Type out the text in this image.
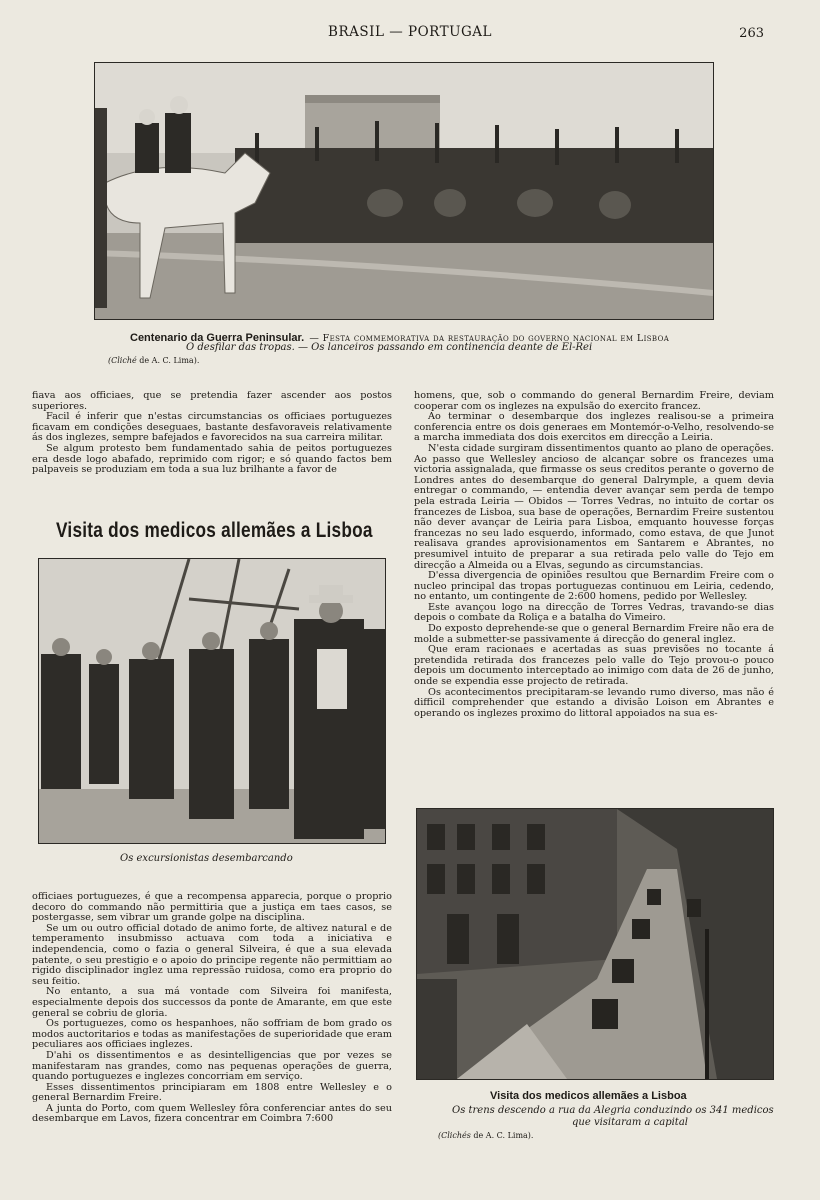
BRASIL — PORTUGAL	263
Centenario da Guerra Peninsular. — Festa commemorativa da restauração do governo nacional em Lisboa
O desfilar das tropas. — Os lanceiros passando em continencia deante de El-Rei
(Cliché de A. C. Lima).

fiava aos officiaes, que se pretendia fazer ascender aos postos superiores.

Facil é inferir que n'estas circumstancias os officiaes portuguezes ficavam em condições deseguaes, bastante desfavoraveis relativamente ás dos inglezes, sempre bafejados e favorecidos na sua carreira militar.

Se algum protesto bem fundamentado sahia de peitos portuguezes era desde logo abafado, reprimido com rigor; e só quando factos bem palpaveis se produziam em toda a sua luz brilhante a favor de

Visita dos medicos allemães a Lisboa
Os excursionistas desembarcando

officiaes portuguezes, é que a recompensa apparecia, porque o proprio decoro do commando não permittiria que a justiça em taes casos, se postergasse, sem vibrar um grande golpe na disciplina.

Se um ou outro official dotado de animo forte, de altivez natural e de temperamento insubmisso actuava com toda a iniciativa e independencia, como o fazia o general Silveira, é que a sua elevada patente, o seu prestigio e o apoio do principe regente não permittiam ao rigido disciplinador inglez uma repressão ruidosa, como era proprio do seu feitio.

No entanto, a sua má vontade com Silveira foi manifesta, especialmente depois dos successos da ponte de Amarante, em que este general se cobriu de gloria.

Os portuguezes, como os hespanhoes, não soffriam de bom grado os modos auctoritarios e todas as manifestações de superioridade que eram peculiares aos officiaes inglezes.

D'ahi os dissentimentos e as desintelligencias que por vezes se manifestaram nas grandes, como nas pequenas operações de guerra, quando portuguezes e inglezes concorriam em serviço.

Esses dissentimentos principiaram em 1808 entre Wellesley e o general Bernardim Freire.

A junta do Porto, com quem Wellesley fôra conferenciar antes do seu desembarque em Lavos, fizera concentrar em Coimbra 7:600

homens, que, sob o commando do general Bernardim Freire, deviam cooperar com os inglezes na expulsão do exercito francez.

Ao terminar o desembarque dos inglezes realisou-se a primeira conferencia entre os dois generaes em Montemór-o-Velho, resolvendo-se a marcha immediata dos dois exercitos em direcção a Leiria.

N'esta cidade surgiram dissentimentos quanto ao plano de operações. Ao passo que Wellesley ancioso de alcançar sobre os francezes uma victoria assignalada, que firmasse os seus creditos perante o governo de Londres antes do desembarque do general Dalrymple, a quem devia entregar o commando, — entendia dever avançar sem perda de tempo pela estrada Leiria — Obidos — Torres Vedras, no intuito de cortar os francezes de Lisboa, sua base de operações, Bernardim Freire sustentou não dever avançar de Leiria para Lisboa, emquanto houvesse forças francezas no seu lado esquerdo, informado, como estava, de que Junot realisava grandes aprovisionamentos em Santarem e Abrantes, no presumivel intuito de preparar a sua retirada pelo valle do Tejo em direcção a Almeida ou a Elvas, segundo as circumstancias.

D'essa divergencia de opiniões resultou que Bernardim Freire com o nucleo principal das tropas portuguezas continuou em Leiria, cedendo, no entanto, um contingente de 2:600 homens, pedido por Wellesley.

Este avançou logo na direcção de Torres Vedras, travando-se dias depois o combate da Roliça e a batalha do Vimeiro.

Do exposto deprehende-se que o general Bernardim Freire não era de molde a submetter-se passivamente á direcção do general inglez.

Que eram racionaes e acertadas as suas previsões no tocante á pretendida retirada dos francezes pelo valle do Tejo provou-o pouco depois um documento interceptado ao inimigo com data de 26 de junho, onde se expendia esse projecto de retirada.

Os acontecimentos precipitaram-se levando rumo diverso, mas não é difficil comprehender que estando a divisão Loison em Abrantes e operando os inglezes proximo do littoral appoiados na sua es-

Visita dos medicos allemães a Lisboa
Os trens descendo a rua da Alegria conduzindo os 341 medicos
que visitaram a capital
(Clichés de A. C. Lima).
